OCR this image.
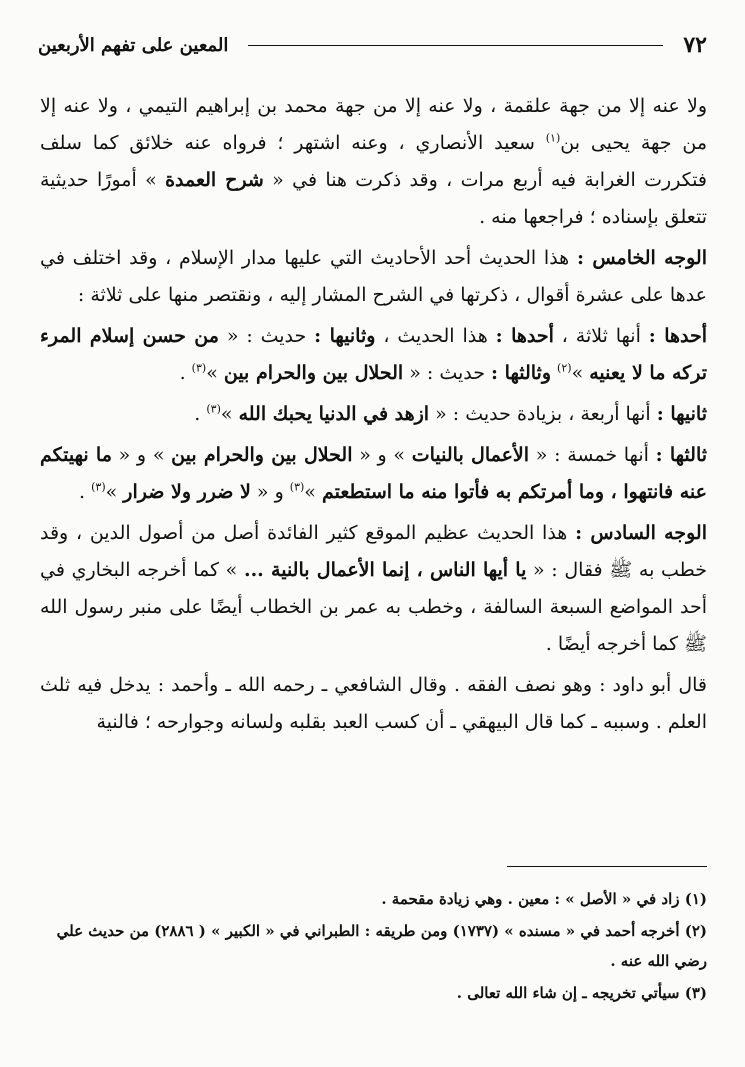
٧٢
المعين على تفهم الأربعين

ولا عنه إلا من جهة علقمة ، ولا عنه إلا من جهة محمد بن إبراهيم التيمي ، ولا عنه إلا من جهة يحيى بن$^{(١)}$ سعيد الأنصاري ، وعنه اشتهر ؛ فرواه عنه خلائق كما سلف فتكررت الغرابة فيه أربع مرات ، وقد ذكرت هنا في « شرح العمدة » أمورًا حديثية تتعلق بإسناده ؛ فراجعها منه .

الوجه الخامس : هذا الحديث أحد الأحاديث التي عليها مدار الإسلام ، وقد اختلف في عدها على عشرة أقوال ، ذكرتها في الشرح المشار إليه ، ونقتصر منها على ثلاثة :

أحدها : أنها ثلاثة ، أحدها : هذا الحديث ، وثانيها : حديث : « من حسن إسلام المرء تركه ما لا يعنيه »$^{(٢)}$ وثالثها : حديث : « الحلال بين والحرام بين »$^{(٣)}$ .

ثانيها : أنها أربعة ، بزيادة حديث : « ازهد في الدنيا يحبك الله »$^{(٣)}$ .

ثالثها : أنها خمسة : « الأعمال بالنيات » و « الحلال بين والحرام بين » و « ما نهيتكم عنه فانتهوا ، وما أمرتكم به فأتوا منه ما استطعتم »$^{(٣)}$ و « لا ضرر ولا ضرار »$^{(٣)}$ .

الوجه السادس : هذا الحديث عظيم الموقع كثير الفائدة أصل من أصول الدين ، وقد خطب به ﷺ فقال : « يا أيها الناس ، إنما الأعمال بالنية ... » كما أخرجه البخاري في أحد المواضع السبعة السالفة ، وخطب به عمر بن الخطاب أيضًا على منبر رسول الله ﷺ كما أخرجه أيضًا .

قال أبو داود : وهو نصف الفقه . وقال الشافعي ـ رحمه الله ـ وأحمد : يدخل فيه ثلث العلم . وسببه ـ كما قال البيهقي ـ أن كسب العبد بقلبه ولسانه وجوارحه ؛ فالنية

(١) زاد في « الأصل » : معين . وهي زيادة مقحمة .

(٢) أخرجه أحمد في « مسنده » (١٧٣٧) ومن طريقه : الطبراني في « الكبير » ( ٢٨٨٦) من حديث علي رضي الله عنه .

(٣) سيأتي تخريجه ـ إن شاء الله تعالى .
